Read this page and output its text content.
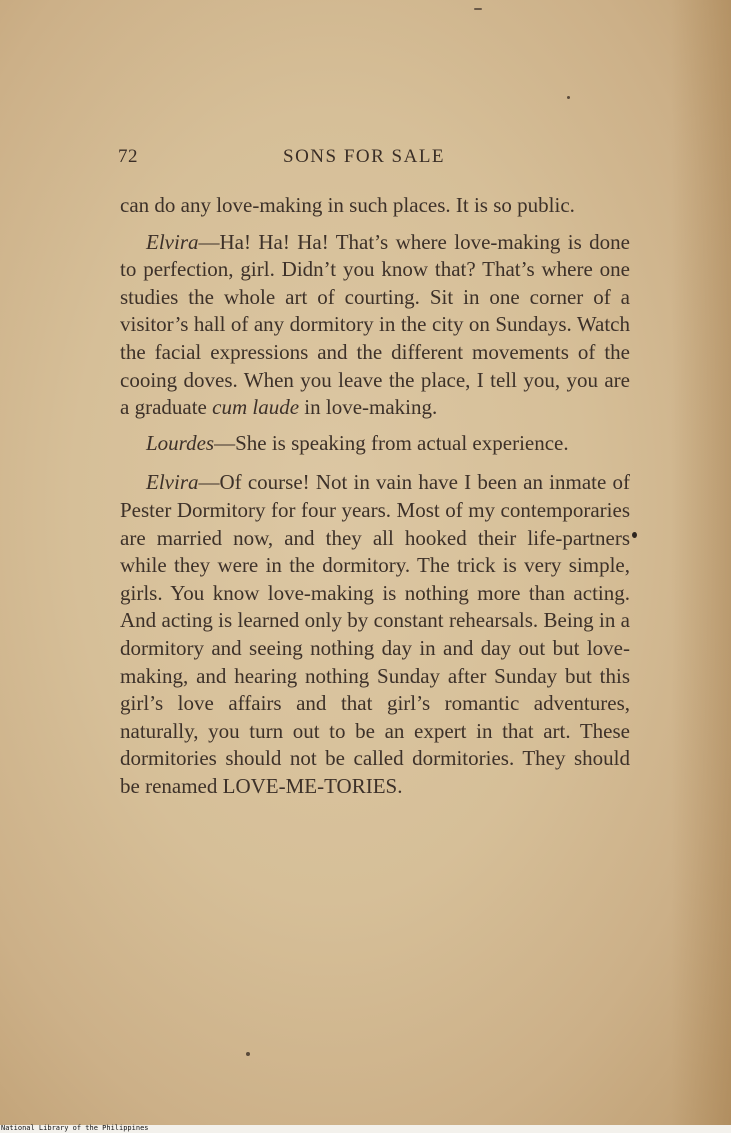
72	SONS FOR SALE

can do any love-making in such places. It is so public.

Elvira—Ha! Ha! Ha! That’s where love-making is done to perfection, girl. Didn’t you know that? That’s where one studies the whole art of courting. Sit in one corner of a visitor’s hall of any dormitory in the city on Sundays. Watch the facial expressions and the different movements of the cooing doves. When you leave the place, I tell you, you are a graduate cum laude in love-making.

Lourdes—She is speaking from actual experience.

Elvira—Of course! Not in vain have I been an inmate of Pester Dormitory for four years. Most of my contemporaries are married now, and they all hooked their life-partners while they were in the dormitory. The trick is very simple, girls. You know love-making is nothing more than acting. And acting is learned only by constant rehearsals. Being in a dormitory and seeing nothing day in and day out but love-making, and hearing nothing Sunday after Sunday but this girl’s love affairs and that girl’s romantic adventures, naturally, you turn out to be an expert in that art. These dormitories should not be called dormitories. They should be renamed LOVE-ME-TORIES.

National Library of the Philippines
